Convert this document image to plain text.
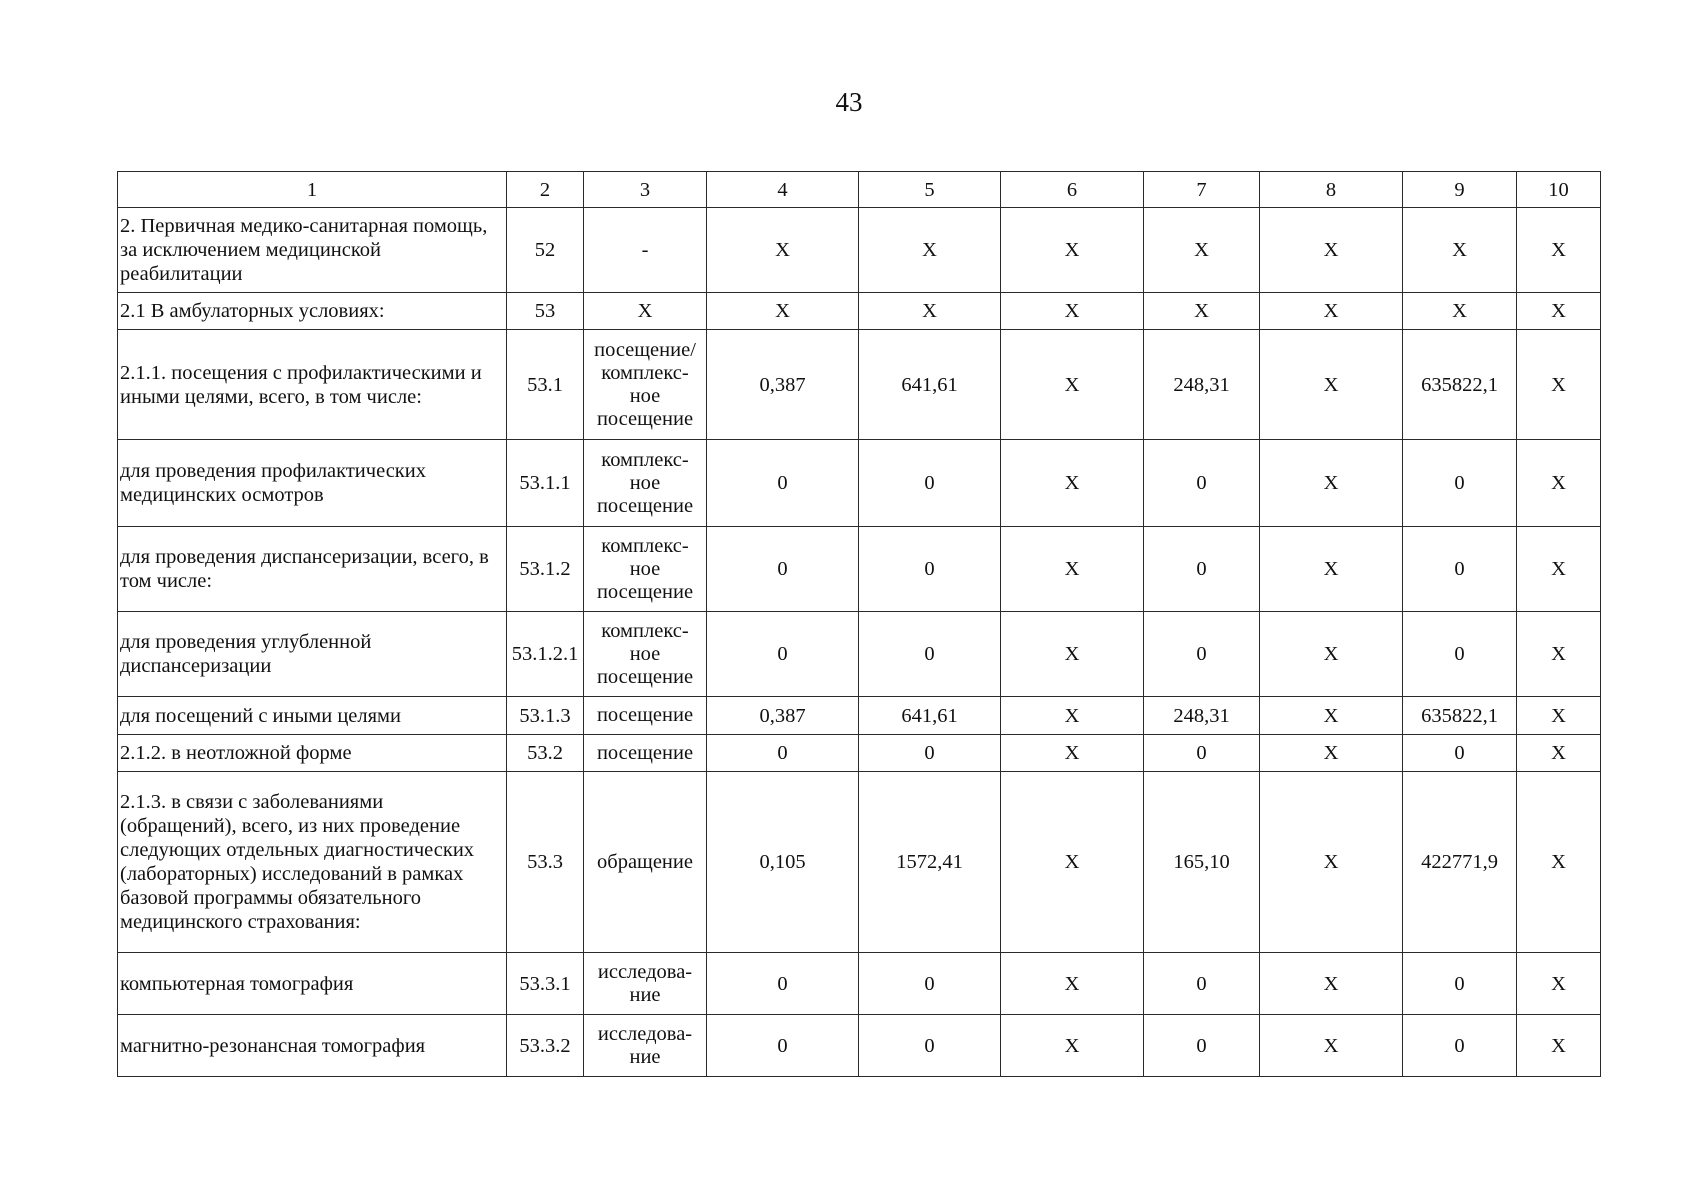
43
1	2	3	4	5	6	7	8	9	10
2. Первичная медико-санитарная помощь, за исключением медицинской реабилитации	52	-	X	X	X	X	X	X	X
2.1 В амбулаторных условиях:	53	X	X	X	X	X	X	X	X
2.1.1. посещения с профилактическими и иными целями, всего, в том числе:	53.1	посещение/ комплекс-ное посещение	0,387	641,61	X	248,31	X	635822,1	X
для проведения профилактических медицинских осмотров	53.1.1	комплекс-ное посещение	0	0	X	0	X	0	X
для проведения диспансеризации, всего, в том числе:	53.1.2	комплекс-ное посещение	0	0	X	0	X	0	X
для проведения углубленной диспансеризации	53.1.2.1	комплекс-ное посещение	0	0	X	0	X	0	X
для посещений с иными целями	53.1.3	посещение	0,387	641,61	X	248,31	X	635822,1	X
2.1.2. в неотложной форме	53.2	посещение	0	0	X	0	X	0	X
2.1.3. в связи с заболеваниями (обращений), всего, из них проведение следующих отдельных диагностических (лабораторных) исследований в рамках базовой программы обязательного медицинского страхования:	53.3	обращение	0,105	1572,41	X	165,10	X	422771,9	X
компьютерная томография	53.3.1	исследова-ние	0	0	X	0	X	0	X
магнитно-резонансная томография	53.3.2	исследова-ние	0	0	X	0	X	0	X
